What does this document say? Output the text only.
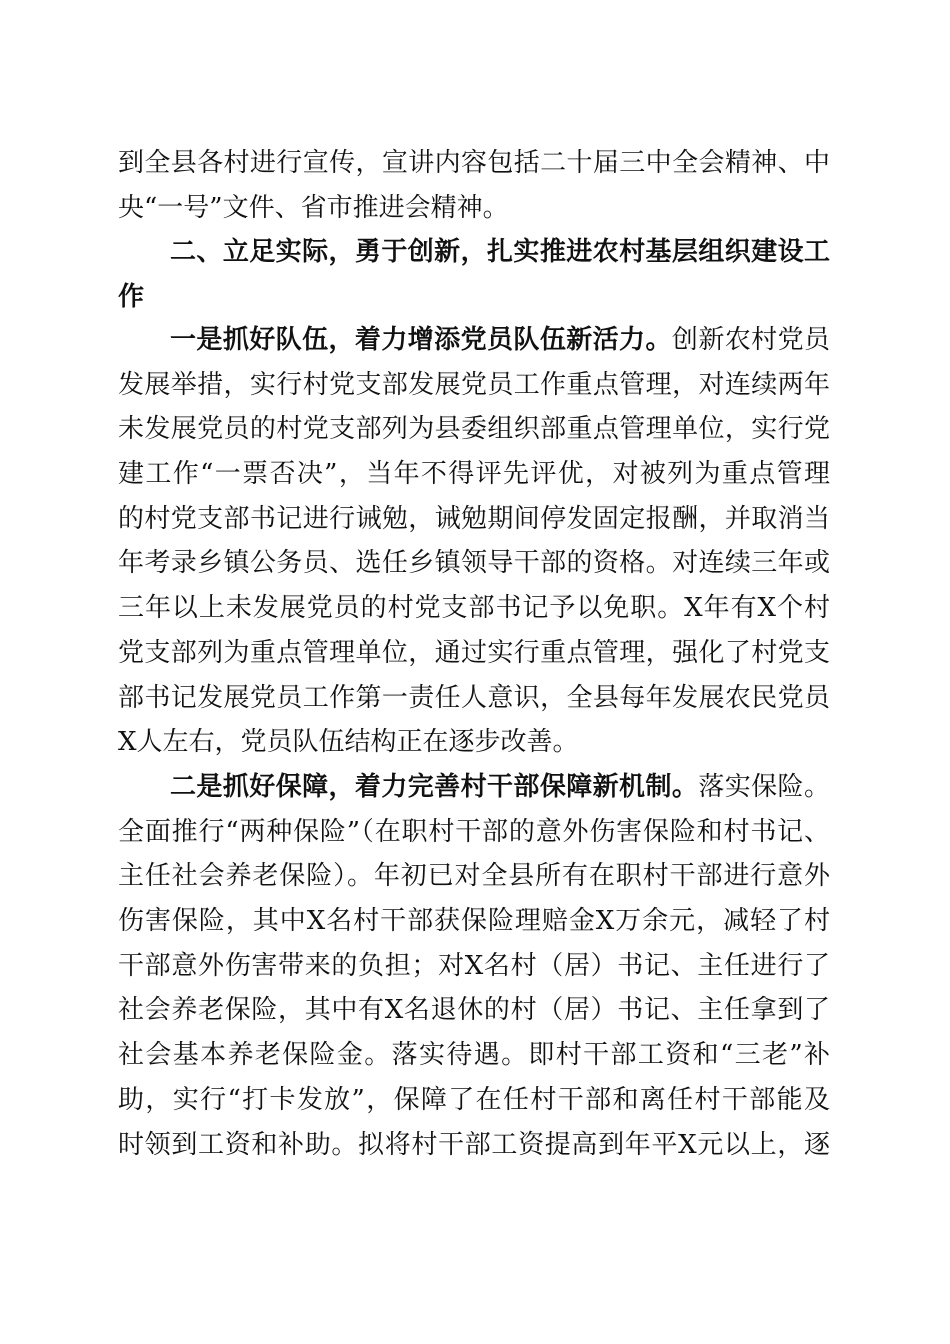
到全县各村进行宣传，宣讲内容包括二十届三中全会精神、中
央“一号”文件、省市推进会精神。
二、立足实际，勇于创新，扎实推进农村基层组织建设工
作
一是抓好队伍，着力增添党员队伍新活力。创新农村党员
发展举措，实行村党支部发展党员工作重点管理，对连续两年
未发展党员的村党支部列为县委组织部重点管理单位，实行党
建工作“一票否决”，当年不得评先评优，对被列为重点管理
的村党支部书记进行诫勉，诫勉期间停发固定报酬，并取消当
年考录乡镇公务员、选任乡镇领导干部的资格。对连续三年或
三年以上未发展党员的村党支部书记予以免职。X年有X个村
党支部列为重点管理单位，通过实行重点管理，强化了村党支
部书记发展党员工作第一责任人意识，全县每年发展农民党员
X人左右，党员队伍结构正在逐步改善。
二是抓好保障，着力完善村干部保障新机制。落实保险。
全面推行“两种保险”（在职村干部的意外伤害保险和村书记、
主任社会养老保险）。年初已对全县所有在职村干部进行意外
伤害保险，其中X名村干部获保险理赔金X万余元，减轻了村
干部意外伤害带来的负担；对X名村（居）书记、主任进行了
社会养老保险，其中有X名退休的村（居）书记、主任拿到了
社会基本养老保险金。落实待遇。即村干部工资和“三老”补
助，实行“打卡发放”，保障了在任村干部和离任村干部能及
时领到工资和补助。拟将村干部工资提高到年平X元以上，逐
